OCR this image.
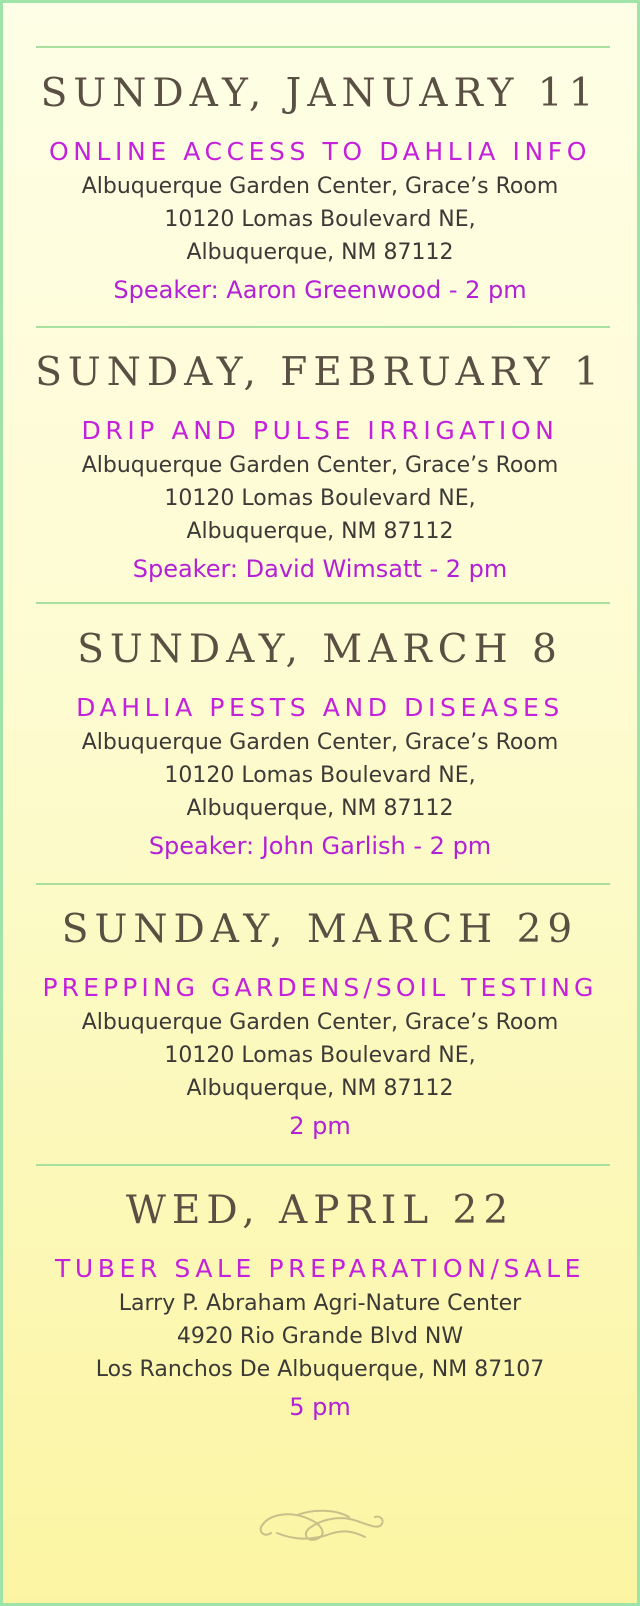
SUNDAY, JANUARY 11
ONLINE ACCESS TO DAHLIA INFO
Albuquerque Garden Center, Grace’s Room
10120 Lomas Boulevard NE,
Albuquerque, NM 87112
Speaker: Aaron Greenwood - 2 pm
SUNDAY, FEBRUARY 1
DRIP AND PULSE IRRIGATION
Albuquerque Garden Center, Grace’s Room
10120 Lomas Boulevard NE,
Albuquerque, NM 87112
Speaker: David Wimsatt - 2 pm
SUNDAY, MARCH 8
DAHLIA PESTS AND DISEASES
Albuquerque Garden Center, Grace’s Room
10120 Lomas Boulevard NE,
Albuquerque, NM 87112
Speaker: John Garlish - 2 pm
SUNDAY, MARCH 29
PREPPING GARDENS/SOIL TESTING
Albuquerque Garden Center, Grace’s Room
10120 Lomas Boulevard NE,
Albuquerque, NM 87112
2 pm
WED, APRIL 22
TUBER SALE PREPARATION/SALE
Larry P. Abraham Agri-Nature Center
4920 Rio Grande Blvd NW
Los Ranchos De Albuquerque, NM 87107
5 pm
